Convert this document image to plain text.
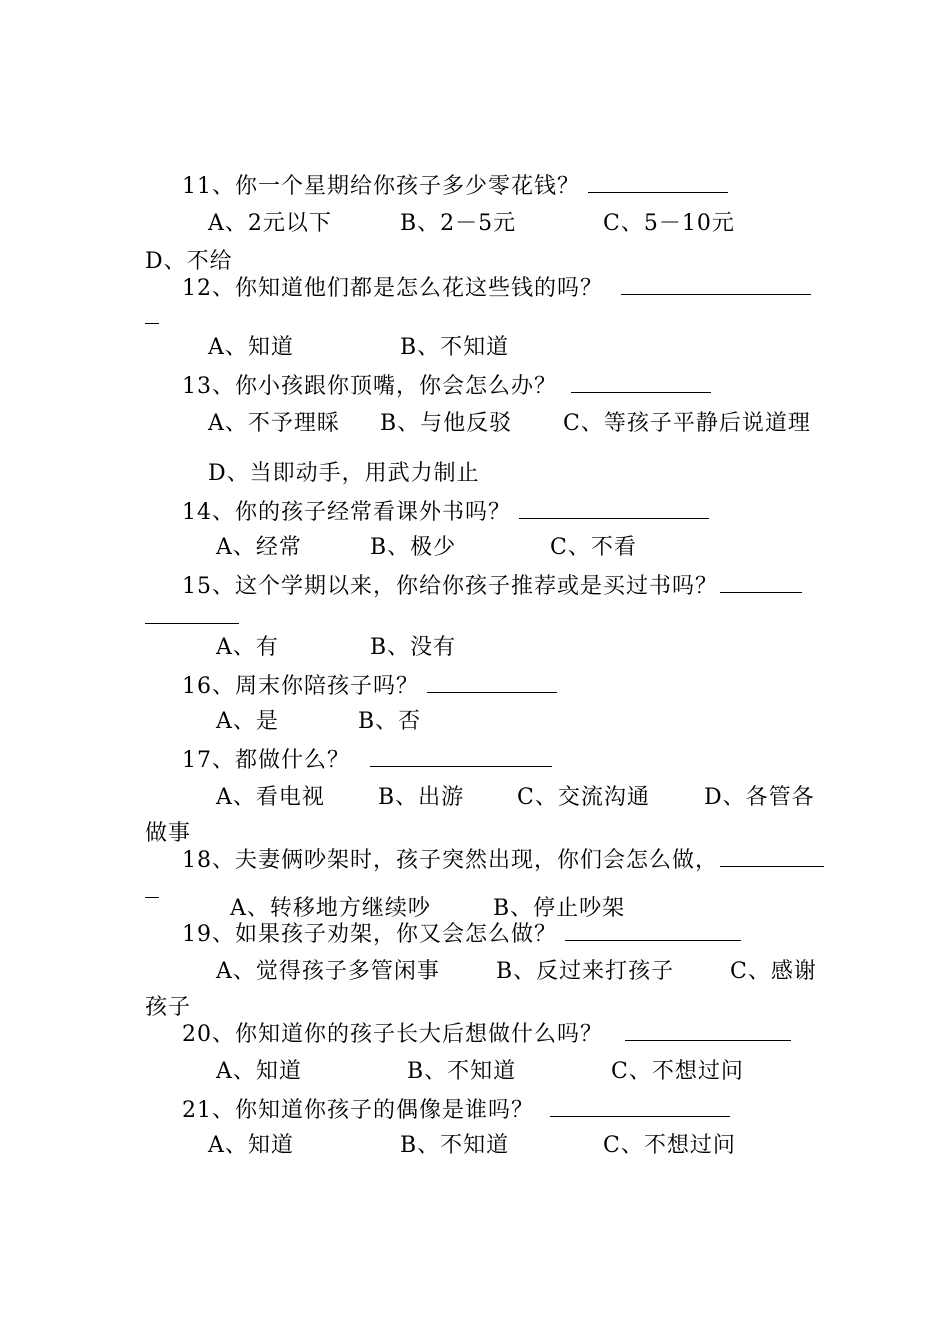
11、你一个星期给你孩子多少零花钱？
A、2元以下	B、2－5元	C、5－10元
D、不给
12、你知道他们都是怎么花这些钱的吗？
A、知道	B、不知道
13、你小孩跟你顶嘴，你会怎么办？
A、不予理睬 B、与他反驳 C、等孩子平静后说道理
D、当即动手，用武力制止
14、你的孩子经常看课外书吗？
A、经常	B、极少	C、不看
15、这个学期以来，你给你孩子推荐或是买过书吗？
A、有	B、没有
16、周末你陪孩子吗？
A、是	B、否
17、都做什么？
A、看电视 B、出游 C、交流沟通 D、各管各
做事
18、夫妻俩吵架时，孩子突然出现，你们会怎么做，
A、转移地方继续吵	B、停止吵架
19、如果孩子劝架，你又会怎么做？
A、觉得孩子多管闲事	B、反过来打孩子	C、感谢
孩子
20、你知道你的孩子长大后想做什么吗？
A、知道	B、不知道	C、不想过问
21、你知道你孩子的偶像是谁吗？
A、知道	B、不知道	C、不想过问
